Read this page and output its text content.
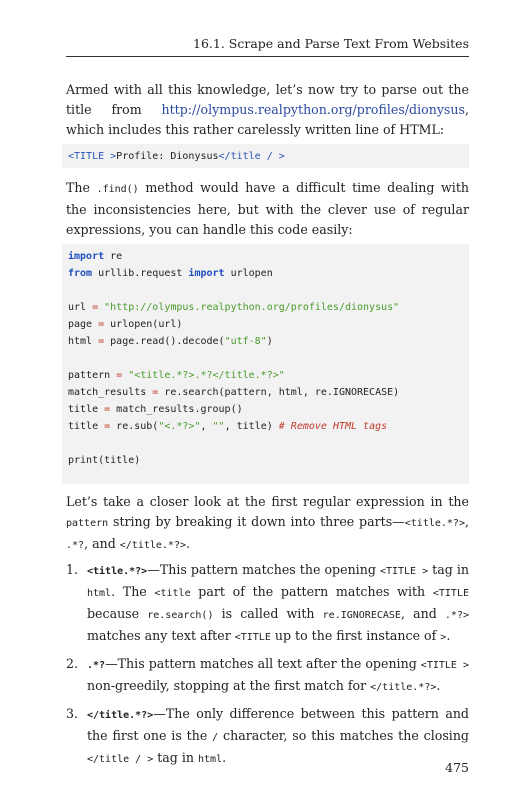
16.1. Scrape and Parse Text From Websites

Armed with all this knowledge, let’s now try to parse out the title from http://olympus.realpython.org/profiles/dionysus, which includes this rather carelessly written line of HTML:

<TITLE >Profile: Dionysus</title / >

The .find() method would have a difficult time dealing with the inconsistencies here, but with the clever use of regular expressions, you can handle this code easily:

import re
from urllib.request import urlopen

url = "http://olympus.realpython.org/profiles/dionysus"
page = urlopen(url)
html = page.read().decode("utf-8")

pattern = "<title.*?>.*?</title.*?>"
match_results = re.search(pattern, html, re.IGNORECASE)
title = match_results.group()
title = re.sub("<.*?>", "", title) # Remove HTML tags

print(title)

Let’s take a closer look at the first regular expression in the pattern string by breaking it down into three parts—<title.*?>, .*?, and </title.*?>.

1. <title.*?>—This pattern matches the opening <TITLE > tag in html. The <title part of the pattern matches with <TITLE because re.search() is called with re.IGNORECASE, and .*?> matches any text after <TITLE up to the first instance of >.
2. .*?—This pattern matches all text after the opening <TITLE > non-greedily, stopping at the first match for </title.*?>.
3. </title.*?>—The only difference between this pattern and the first one is the / character, so this matches the closing </title / > tag in html.
475
